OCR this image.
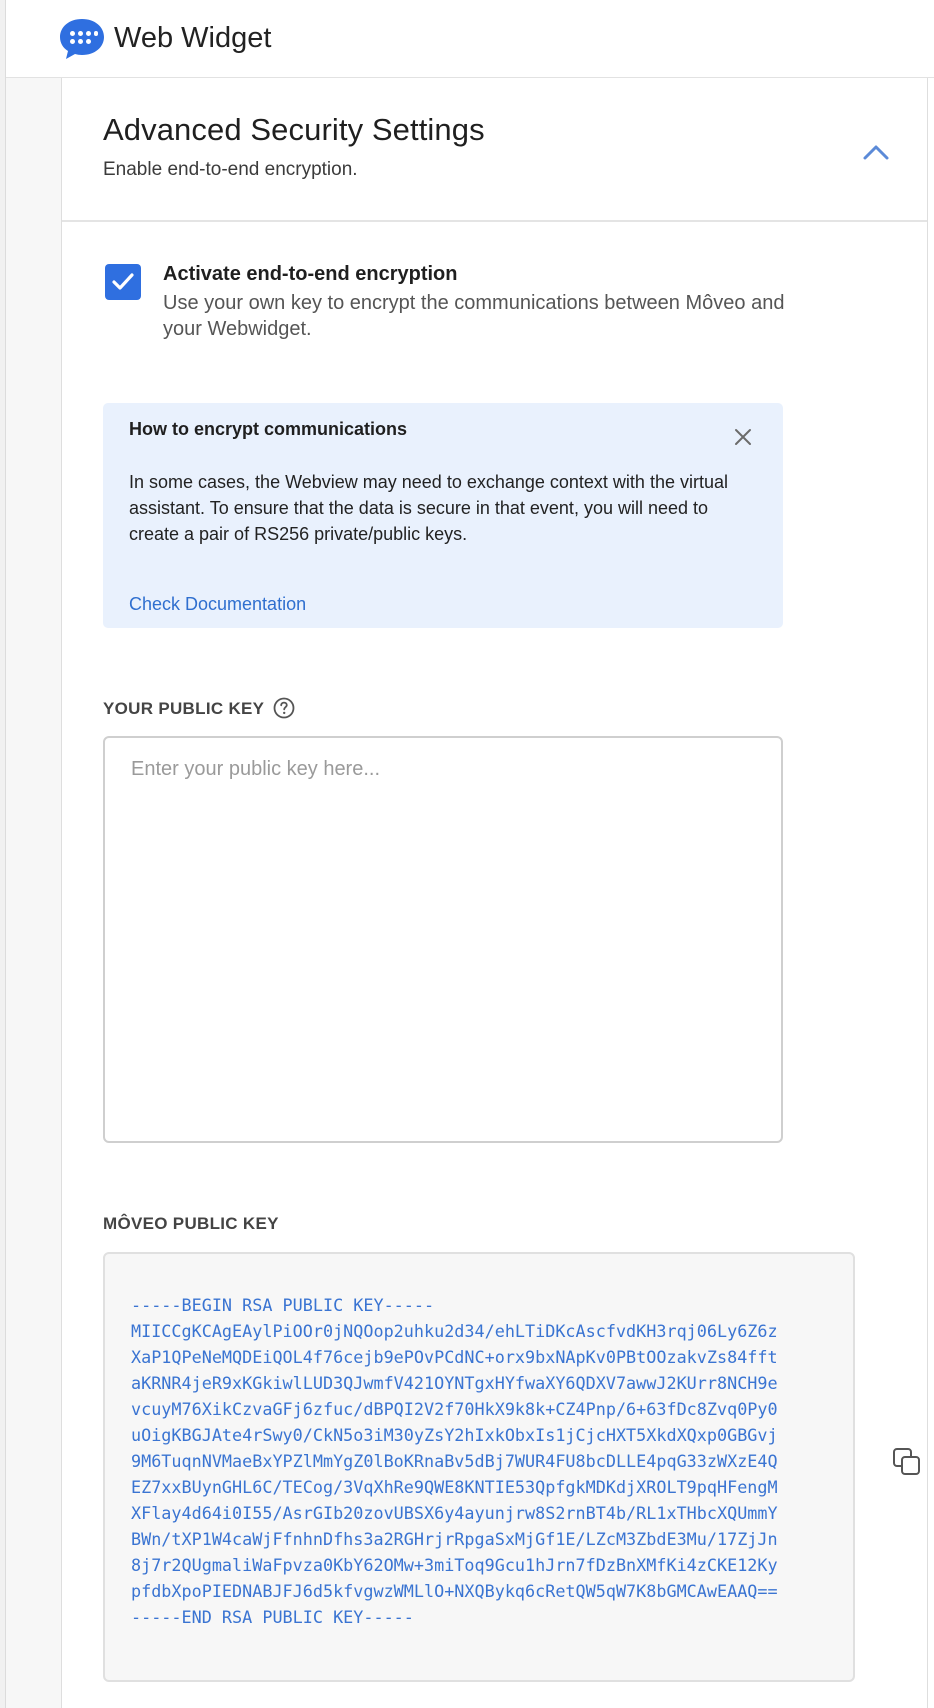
Web Widget
Advanced Security Settings
Enable end-to-end encryption.
Activate end-to-end encryption
Use your own key to encrypt the communications between Môveo and your Webwidget.
How to encrypt communications
In some cases, the Webview may need to exchange context with the virtual assistant. To ensure that the data is secure in that event, you will need to create a pair of RS256 private/public keys.
Check Documentation
YOUR PUBLIC KEY
Enter your public key here...
MÔVEO PUBLIC KEY
-----BEGIN RSA PUBLIC KEY-----
MIICCgKCAgEAylPiOOr0jNQOop2uhku2d34/ehLTiDKcAscfvdKH3rqj06Ly6Z6z
XaP1QPeNeMQDEiQOL4f76cejb9ePOvPCdNC+orx9bxNApKv0PBtOOzakvZs84fft
aKRNR4jeR9xKGkiwlLUD3QJwmfV421OYNTgxHYfwaXY6QDXV7awwJ2KUrr8NCH9e
vcuyM76XikCzvaGFj6zfuc/dBPQI2V2f70HkX9k8k+CZ4Pnp/6+63fDc8Zvq0Py0
uOigKBGJAte4rSwy0/CkN5o3iM30yZsY2hIxkObxIs1jCjcHXT5XkdXQxp0GBGvj
9M6TuqnNVMaeBxYPZlMmYgZ0lBoKRnaBv5dBj7WUR4FU8bcDLLE4pqG33zWXzE4Q
EZ7xxBUynGHL6C/TECog/3VqXhRe9QWE8KNTIE53QpfgkMDKdjXROLT9pqHFengM
XFlay4d64i0I55/AsrGIb20zovUBSX6y4ayunjrw8S2rnBT4b/RL1xTHbcXQUmmY
BWn/tXP1W4caWjFfnhnDfhs3a2RGHrjrRpgaSxMjGf1E/LZcM3ZbdE3Mu/17ZjJn
8j7r2QUgmaliWaFpvza0KbY62OMw+3miToq9Gcu1hJrn7fDzBnXMfKi4zCKE12Ky
pfdbXpoPIEDNABJFJ6d5kfvgwzWMLlO+NXQBykq6cRetQW5qW7K8bGMCAwEAAQ==
-----END RSA PUBLIC KEY-----
